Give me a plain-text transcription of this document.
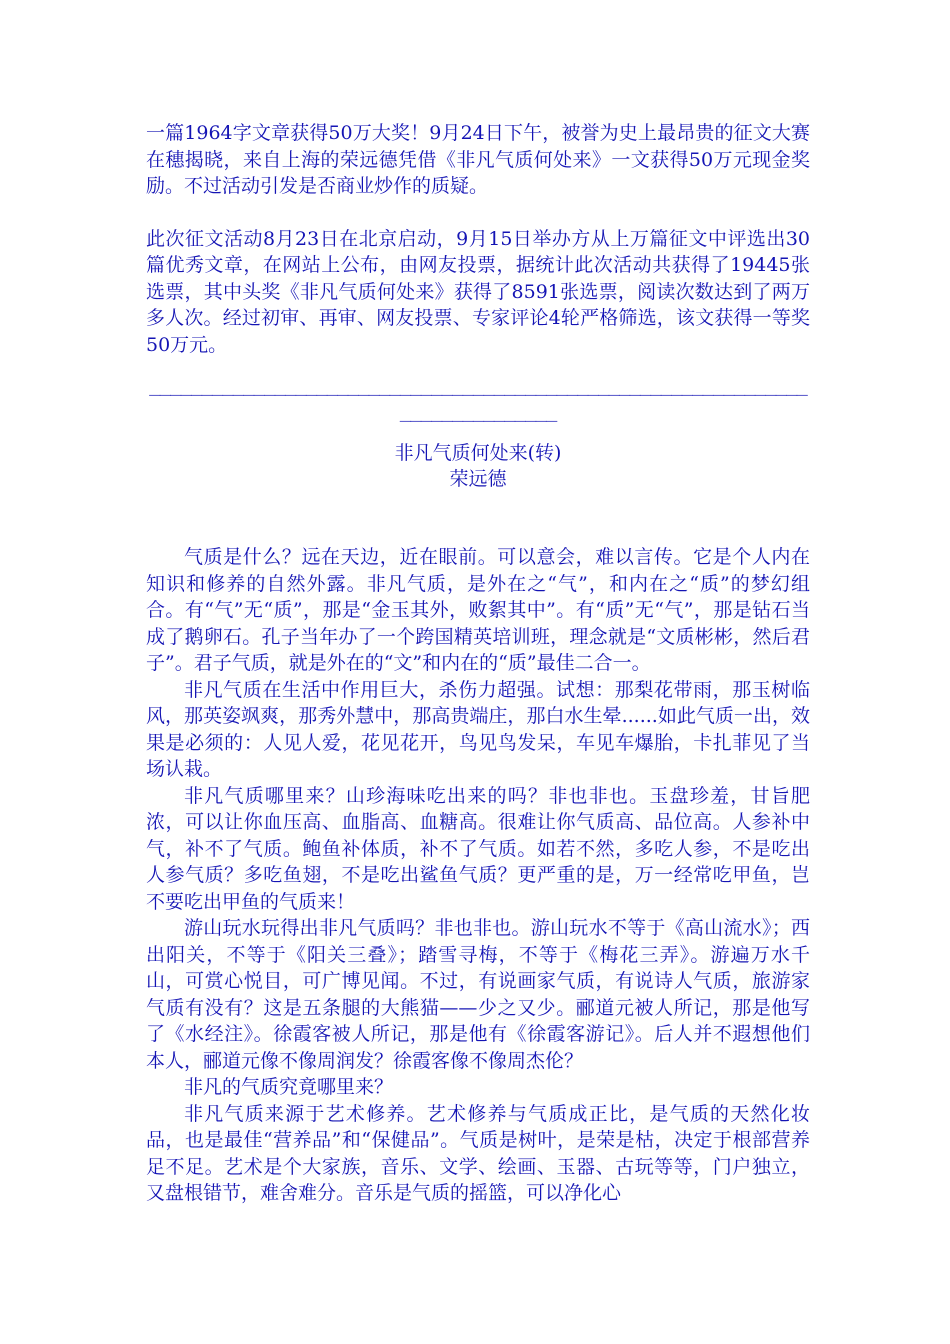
一篇1964字文章获得50万大奖！9月24日下午，被誉为史上最昂贵的征文大赛在穗揭晓，来自上海的荣远德凭借《非凡气质何处来》一文获得50万元现金奖励。不过活动引发是否商业炒作的质疑。

此次征文活动8月23日在北京启动，9月15日举办方从上万篇征文中评选出30篇优秀文章，在网站上公布，由网友投票，据统计此次活动共获得了19445张选票，其中头奖《非凡气质何处来》获得了8591张选票，阅读次数达到了两万多人次。经过初审、再审、网友投票、专家评论4轮严格筛选，该文获得一等奖50万元。

______________________________________________________________________________
非凡气质何处来(转)
荣远德

气质是什么？远在天边，近在眼前。可以意会，难以言传。它是个人内在知识和修养的自然外露。非凡气质，是外在之“气”，和内在之“质”的梦幻组合。有“气”无“质”，那是“金玉其外，败絮其中”。有“质”无“气”，那是钻石当成了鹅卵石。孔子当年办了一个跨国精英培训班，理念就是“文质彬彬，然后君子”。君子气质，就是外在的“文”和内在的“质”最佳二合一。

非凡气质在生活中作用巨大，杀伤力超强。试想：那梨花带雨，那玉树临风，那英姿飒爽，那秀外慧中，那高贵端庄，那白水生晕......如此气质一出，效果是必须的：人见人爱，花见花开，鸟见鸟发呆，车见车爆胎，卡扎菲见了当场认栽。

非凡气质哪里来？山珍海味吃出来的吗？非也非也。玉盘珍羞，甘旨肥浓，可以让你血压高、血脂高、血糖高。很难让你气质高、品位高。人参补中气，补不了气质。鲍鱼补体质，补不了气质。如若不然，多吃人参，不是吃出人参气质？多吃鱼翅，不是吃出鲨鱼气质？更严重的是，万一经常吃甲鱼，岂不要吃出甲鱼的气质来！

游山玩水玩得出非凡气质吗？非也非也。游山玩水不等于《高山流水》；西出阳关，不等于《阳关三叠》；踏雪寻梅，不等于《梅花三弄》。游遍万水千山，可赏心悦目，可广博见闻。不过，有说画家气质，有说诗人气质，旅游家气质有没有？这是五条腿的大熊猫——少之又少。郦道元被人所记，那是他写了《水经注》。徐霞客被人所记，那是他有《徐霞客游记》。后人并不遐想他们本人，郦道元像不像周润发？徐霞客像不像周杰伦？

非凡的气质究竟哪里来？

非凡气质来源于艺术修养。艺术修养与气质成正比，是气质的天然化妆品，也是最佳“营养品”和“保健品”。气质是树叶，是荣是枯，决定于根部营养足不足。艺术是个大家族，音乐、文学、绘画、玉器、古玩等等，门户独立，又盘根错节，难舍难分。音乐是气质的摇篮，可以净化心
